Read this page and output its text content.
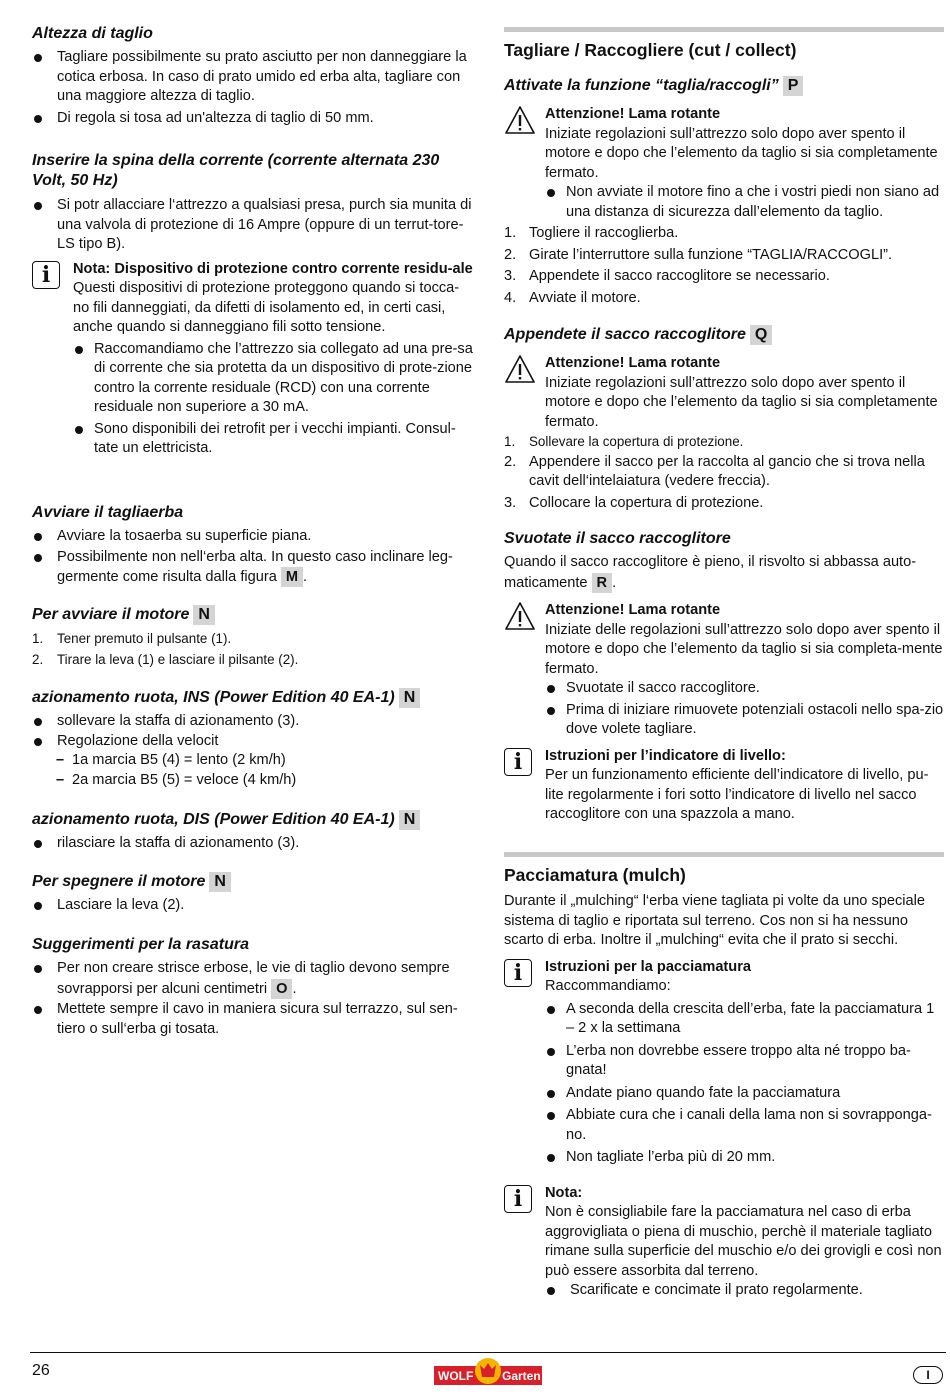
Altezza di taglio
Tagliare possibilmente su prato asciutto per non danneggiare la cotica erbosa. In caso di prato umido ed erba alta, tagliare con una maggiore altezza di taglio.
Di regola si tosa ad un'altezza di taglio di 50 mm.
Inserire la spina della corrente (corrente alternata 230 Volt, 50 Hz)
Si potr allacciare l‘attrezzo a qualsiasi presa, purch sia munita di una valvola di protezione di 16 Ampre (oppure di un terrut-tore-LS tipo B).
i	Nota: Dispositivo di protezione contro corrente residu-ale
Questi dispositivi di protezione proteggono quando si tocca-no fili danneggiati, da difetti di isolamento ed, in certi casi, anche quando si danneggiano fili sotto tensione.
Raccomandiamo che l’attrezzo sia collegato ad una pre-sa di corrente che sia protetta da un dispositivo di prote-zione contro la corrente residuale (RCD) con una corrente residuale non superiore a 30 mA.
Sono disponibili dei retrofit per i vecchi impianti. Consul-tate un elettricista.
Avviare il tagliaerba
Avviare la tosaerba su superficie piana.
Possibilmente non nell‘erba alta. In questo caso inclinare leg-germente come risulta dalla figura M .
Per avviare il motore N
1. Tener premuto il pulsante (1).
2. Tirare la leva (1) e lasciare il pilsante (2).
azionamento ruota, INS (Power Edition 40 EA-1) N
sollevare la staffa di azionamento (3).
Regolazione della velocit
– 1a marcia B5 (4) = lento (2 km/h)
– 2a marcia B5 (5) = veloce (4 km/h)
azionamento ruota, DIS (Power Edition 40 EA-1) N
rilasciare la staffa di azionamento (3).
Per spegnere il motore N
Lasciare la leva (2).
Suggerimenti per la rasatura
Per non creare strisce erbose, le vie di taglio devono sempre sovrapporsi per alcuni centimetri O .
Mettete sempre il cavo in maniera sicura sul terrazzo, sul sen-tiero o sull‘erba gi tosata.
Tagliare / Raccogliere (cut / collect)
Attivate la funzione “taglia/raccogli” P
Attenzione! Lama rotante
Iniziate regolazioni sull’attrezzo solo dopo aver spento il motore e dopo che l’elemento da taglio si sia completamente fermato.
Non avviate il motore fino a che i vostri piedi non siano ad una distanza di sicurezza dall’elemento da taglio.
1. Togliere il raccoglierba.
2. Girate l’interruttore sulla funzione “TAGLIA/RACCOGLI”.
3. Appendete il sacco raccoglitore se necessario.
4. Avviate il motore.
Appendete il sacco raccoglitore Q
Attenzione! Lama rotante
Iniziate regolazioni sull’attrezzo solo dopo aver spento il motore e dopo che l’elemento da taglio si sia completamente fermato.
1. Sollevare la copertura di protezione.
2. Appendere il sacco per la raccolta al gancio che si trova nella cavit dell‘intelaiatura (vedere freccia).
3. Collocare la copertura di protezione.
Svuotate il sacco raccoglitore
Quando il sacco raccoglitore è pieno, il risvolto si abbassa auto-maticamente R .
Attenzione! Lama rotante
Iniziate delle regolazioni sull’attrezzo solo dopo aver spento il motore e dopo che l’elemento da taglio si sia completa-mente fermato.
Svuotate il sacco raccoglitore.
Prima di iniziare rimuovete potenziali ostacoli nello spa-zio dove volete tagliare.
i	Istruzioni per l’indicatore di livello:
Per un funzionamento efficiente dell’indicatore di livello, pu-lite regolarmente i fori sotto l’indicatore di livello nel sacco raccoglitore con una spazzola a mano.
Pacciamatura (mulch)
Durante il „mulching“ l‘erba viene tagliata pi volte da uno speciale sistema di taglio e riportata sul terreno. Cos non si ha nessuno scarto di erba. Inoltre il „mulching“ evita che il prato si secchi.
i	Istruzioni per la pacciamatura
Raccommandiamo:
A seconda della crescita dell’erba, fate la pacciamatura 1 – 2 x la settimana
L’erba non dovrebbe essere troppo alta né troppo ba-gnata!
Andate piano quando fate la pacciamatura
Abbiate cura che i canali della lama non si sovrapponga-no.
Non tagliate l’erba più di 20 mm.
i	Nota:
Non è consigliabile fare la pacciamatura nel caso di erba aggrovigliata o piena di muschio, perchè il materiale tagliato rimane sulla superficie del muschio e/o dei grovigli e così non può essere assorbita dal terreno.
Scarificate e concimate il prato regolarmente.
26	WOLF Garten	I
